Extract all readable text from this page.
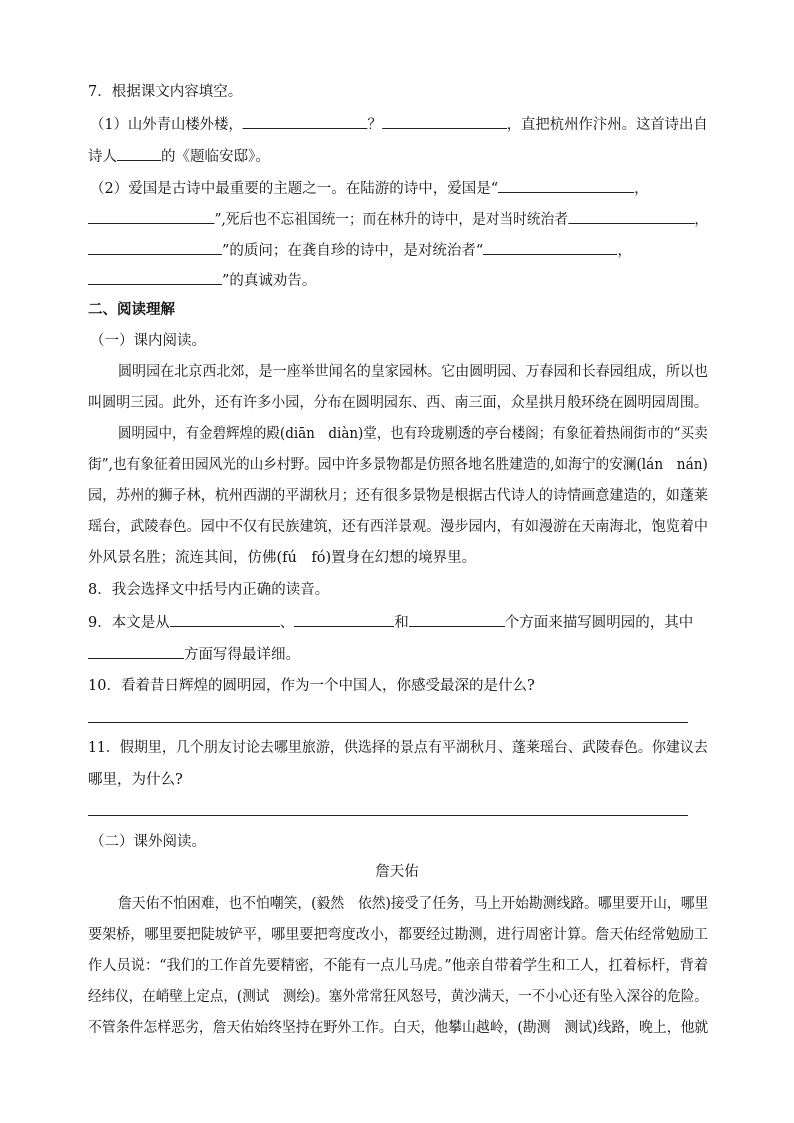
7．根据课文内容填空。
（1）山外青山楼外楼，	？	，直把杭州作汴州。这首诗出自
诗人	的《题临安邸》。
（2）爱国是古诗中最重要的主题之一。在陆游的诗中，爱国是“	，
”,死后也不忘祖国统一；而在林升的诗中，是对当时统治者	，
”的质问；在龚自珍的诗中，是对统治者“	，
”的真诚劝告。
二、阅读理解
（一）课内阅读。
圆明园在北京西北郊，是一座举世闻名的皇家园林。它由圆明园、万春园和长春园组成，所以也
叫圆明三园。此外，还有许多小园，分布在圆明园东、西、南三面，众星拱月般环绕在圆明园周围。
圆明园中，有金碧辉煌的殿(diān　diàn)堂，也有玲珑剔透的亭台楼阁；有象征着热闹街市的“买卖
街”,也有象征着田园风光的山乡村野。园中许多景物都是仿照各地名胜建造的,如海宁的安澜(lán　nán)
园，苏州的狮子林，杭州西湖的平湖秋月；还有很多景物是根据古代诗人的诗情画意建造的，如蓬莱
瑶台，武陵春色。园中不仅有民族建筑，还有西洋景观。漫步园内，有如漫游在天南海北，饱览着中
外风景名胜；流连其间，仿佛(fú　fó)置身在幻想的境界里。
8．我会选择文中括号内正确的读音。
9．本文是从	、	和	个方面来描写圆明园的，其中
方面写得最详细。
10．看着昔日辉煌的圆明园，作为一个中国人，你感受最深的是什么?
11．假期里，几个朋友讨论去哪里旅游，供选择的景点有平湖秋月、蓬莱瑶台、武陵春色。你建议去
哪里，为什么?
（二）课外阅读。
詹天佑
詹天佑不怕困难，也不怕嘲笑，(毅然　依然)接受了任务，马上开始勘测线路。哪里要开山，哪里
要架桥，哪里要把陡坡铲平，哪里要把弯度改小，都要经过勘测，进行周密计算。詹天佑经常勉励工
作人员说：“我们的工作首先要精密，不能有一点儿马虎。”他亲自带着学生和工人，扛着标杆，背着
经纬仪，在峭壁上定点，(测试　测绘)。塞外常常狂风怒号，黄沙满天，一不小心还有坠入深谷的危险。
不管条件怎样恶劣，詹天佑始终坚持在野外工作。白天，他攀山越岭，(勘测　测试)线路，晚上，他就
